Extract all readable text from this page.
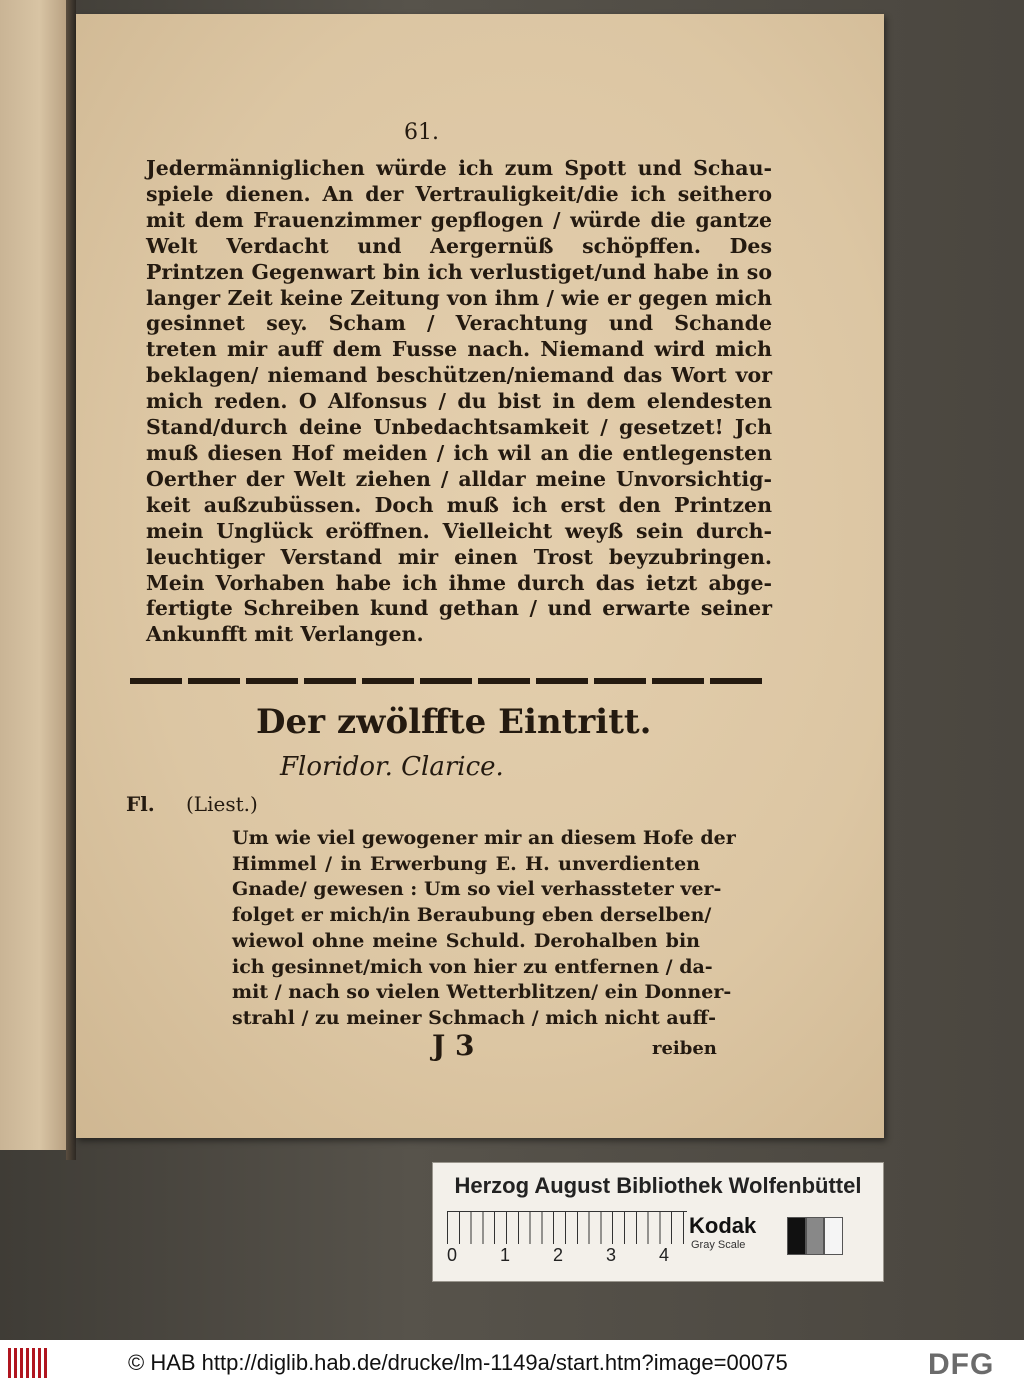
61.
Jedermänniglichen würde ich zum Spott und Schau-
spiele dienen. An der Vertrauligkeit/die ich seithero
mit dem Frauenzimmer gepflogen / würde die gantze
Welt Verdacht und Aergernüß schöpffen. Des
Printzen Gegenwart bin ich verlustiget/und habe in so
langer Zeit keine Zeitung von ihm / wie er gegen mich
gesinnet sey. Scham / Verachtung und Schande
treten mir auff dem Fusse nach. Niemand wird mich
beklagen/ niemand beschützen/niemand das Wort vor
mich reden. O Alfonsus / du bist in dem elendesten
Stand/durch deine Unbedachtsamkeit / gesetzet! Jch
muß diesen Hof meiden / ich wil an die entlegensten
Oerther der Welt ziehen / alldar meine Unvorsichtig-
keit außzubüssen. Doch muß ich erst den Printzen
mein Unglück eröffnen. Vielleicht weyß sein durch-
leuchtiger Verstand mir einen Trost beyzubringen.
Mein Vorhaben habe ich ihme durch das ietzt abge-
fertigte Schreiben kund gethan / und erwarte seiner
Ankunfft mit Verlangen.
Der zwölffte Eintritt.
Floridor. Clarice.
Fl. (Liest.)
Um wie viel gewogener mir an diesem Hofe der
Himmel / in Erwerbung E. H. unverdienten
Gnade/ gewesen : Um so viel verhassteter ver-
folget er mich/in Beraubung eben derselben/
wiewol ohne meine Schuld. Derohalben bin
ich gesinnet/mich von hier zu entfernen / da-
mit / nach so vielen Wetterblitzen/ ein Donner-
strahl / zu meiner Schmach / mich nicht auff-
J 3	reiben
Herzog August Bibliothek Wolfenbüttel
0 1 2 3 4
Kodak
Gray Scale
© HAB http://diglib.hab.de/drucke/lm-1149a/start.htm?image=00075	DFG
